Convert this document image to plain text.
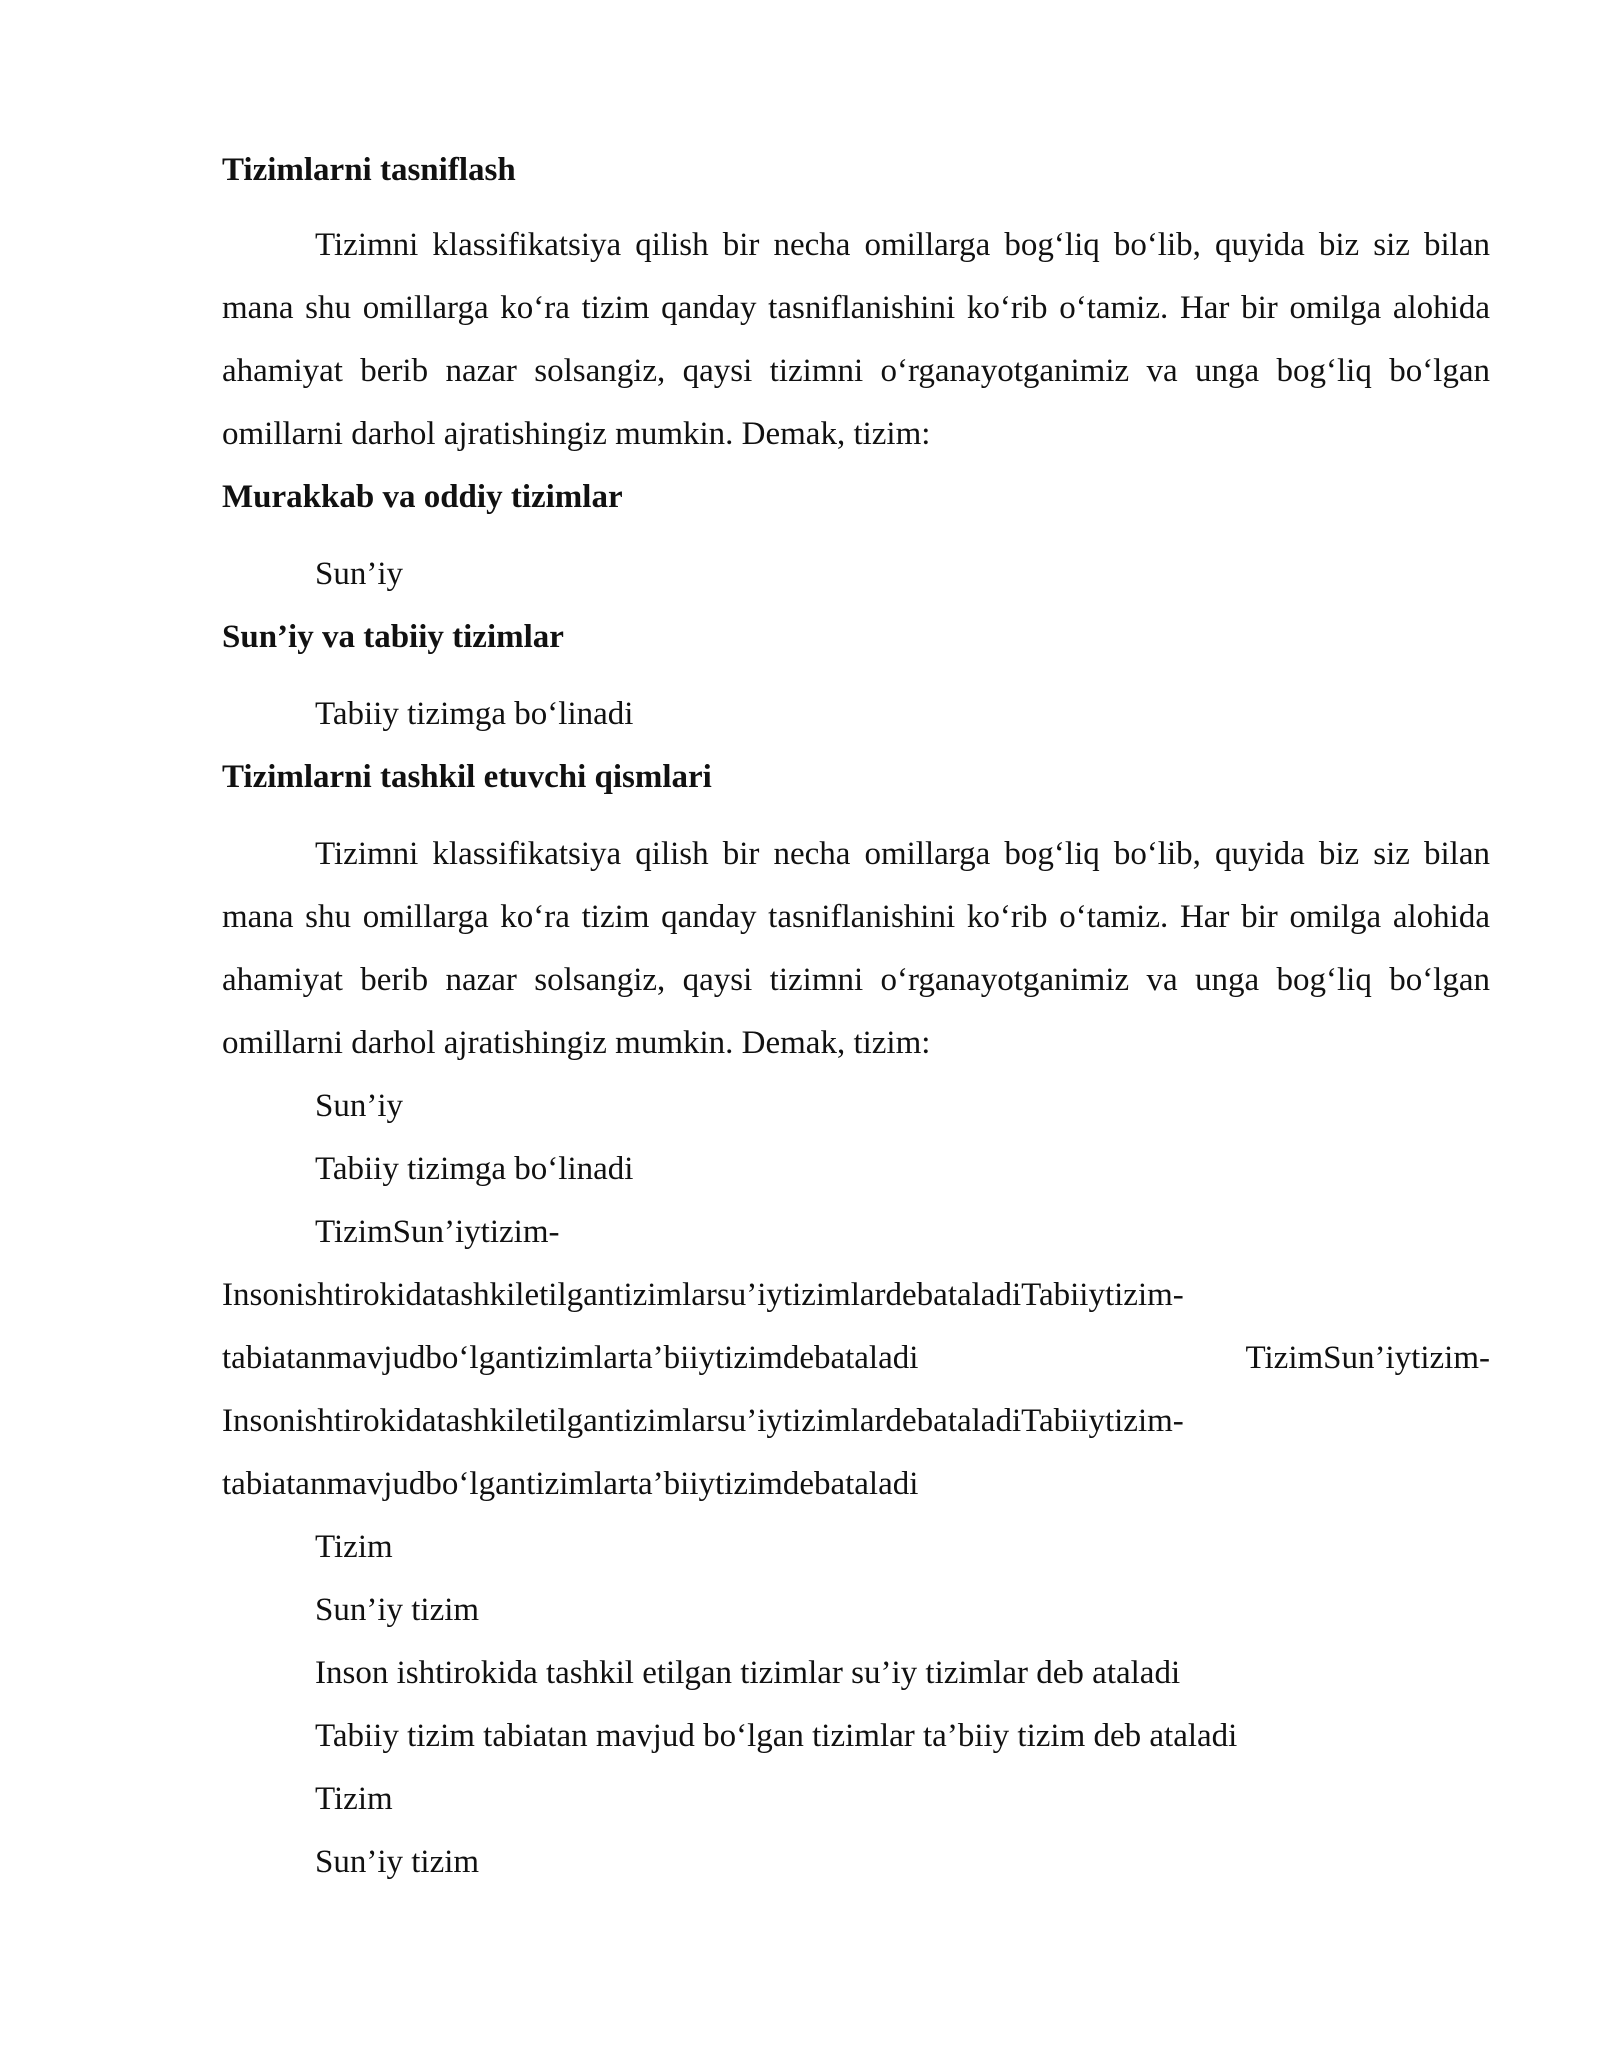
Tizimlarni tasniflash

Tizimni klassifikatsiya qilish bir necha omillarga bog‘liq bo‘lib, quyida biz siz bilan mana shu omillarga ko‘ra tizim qanday tasniflanishini ko‘rib o‘tamiz. Har bir omilga alohida ahamiyat berib nazar solsangiz, qaysi tizimni o‘rganayotganimiz va unga bog‘liq bo‘lgan omillarni darhol ajratishingiz mumkin. Demak, tizim:

Murakkab va oddiy tizimlar

Sun’iy

Sun’iy va tabiiy tizimlar

Tabiiy tizimga bo‘linadi

Tizimlarni tashkil etuvchi qismlari

Tizimni klassifikatsiya qilish bir necha omillarga bog‘liq bo‘lib, quyida biz siz bilan mana shu omillarga ko‘ra tizim qanday tasniflanishini ko‘rib o‘tamiz. Har bir omilga alohida ahamiyat berib nazar solsangiz, qaysi tizimni o‘rganayotganimiz va unga bog‘liq bo‘lgan omillarni darhol ajratishingiz mumkin. Demak, tizim:

Sun’iy

Tabiiy tizimga bo‘linadi

TizimSun’iytizim-
Insonishtirokidatashkiletilgantizimlarsu’iytizimlardebataladiTabiiytizim-
tabiatanmavjudbo‘lgantizimlarta’biiytizimdebataladi	TizimSun’iytizim-
Insonishtirokidatashkiletilgantizimlarsu’iytizimlardebataladiTabiiytizim-
tabiatanmavjudbo‘lgantizimlarta’biiytizimdebataladi

Tizim

Sun’iy tizim

Inson ishtirokida tashkil etilgan tizimlar su’iy tizimlar deb ataladi

Tabiiy tizim tabiatan mavjud bo‘lgan tizimlar ta’biiy tizim deb ataladi

Tizim

Sun’iy tizim
